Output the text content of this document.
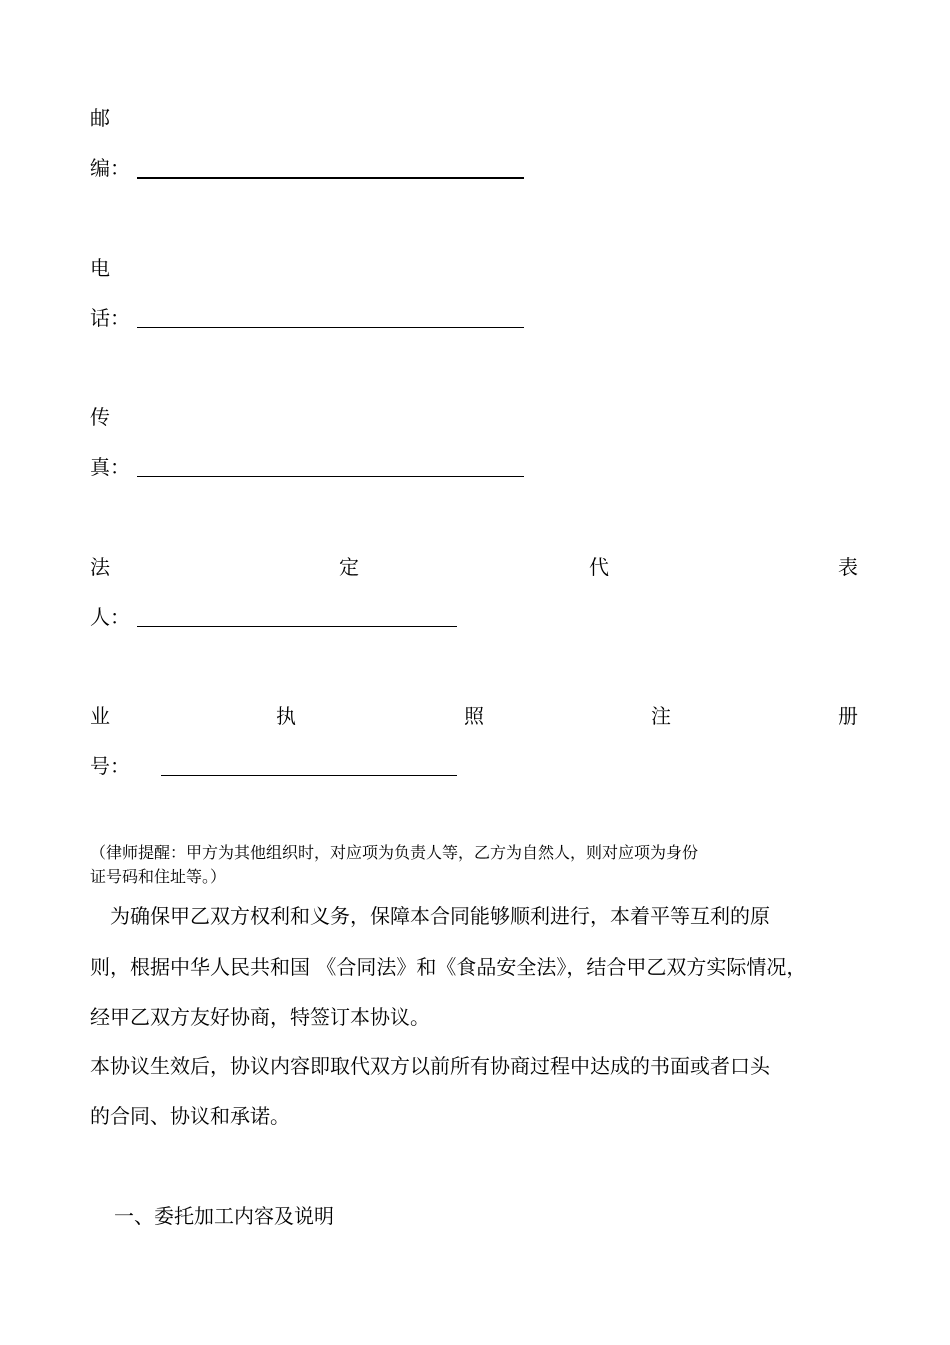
邮
编：
电
话：
传
真：
法	定	代	表
人：
业	执	照	注	册
号：
（律师提醒：甲方为其他组织时，对应项为负责人等，乙方为自然人，则对应项为身份
证号码和住址等。）
为确保甲乙双方权利和义务，保障本合同能够顺利进行，本着平等互利的原
则，根据中华人民共和国 《合同法》和《食品安全法》，结合甲乙双方实际情况，
经甲乙双方友好协商，特签订本协议。
本协议生效后，协议内容即取代双方以前所有协商过程中达成的书面或者口头
的合同、协议和承诺。
一、委托加工内容及说明
